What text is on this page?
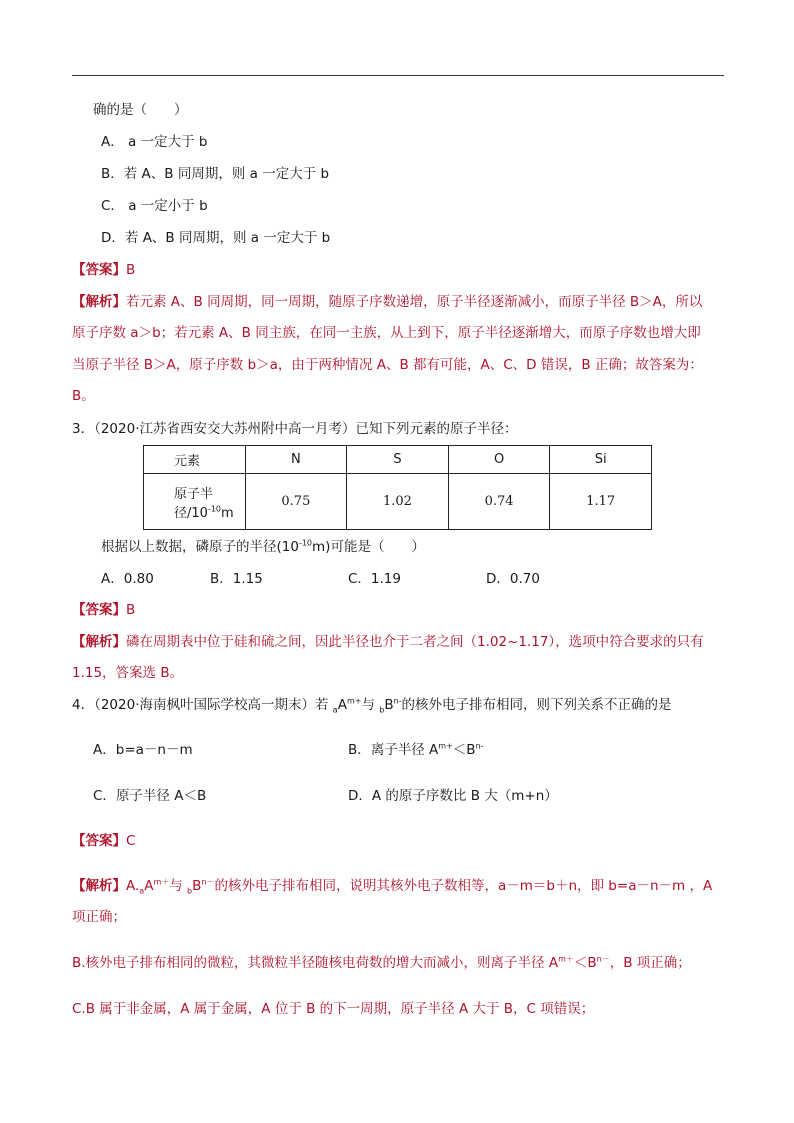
确的是（　　）
A． a 一定大于 b
B．若 A、B 同周期，则 a 一定大于 b
C． a 一定小于 b
D．若 A、B 同周期，则 a 一定大于 b
【答案】B
【解析】若元素 A、B 同周期，同一周期，随原子序数递增，原子半径逐渐减小，而原子半径 B＞A，所以
原子序数 a＞b；若元素 A、B 同主族，在同一主族，从上到下，原子半径逐渐增大，而原子序数也增大即
当原子半径 B＞A，原子序数 b＞a，由于两种情况 A、B 都有可能，A、C、D 错误，B 正确；故答案为：
B。
3．（2020·江苏省西安交大苏州附中高一月考）已知下列元素的原子半径：
元素	N	S	O	Si
原子半径$/10^{-10}m$	0.75	1.02	0.74	1.17
根据以上数据，磷原子的半径$(10^{-10}m)$可能是（　　）
A．0.80	B．1.15	C．1.19	D．0.70
【答案】B
【解析】磷在周期表中位于硅和硫之间，因此半径也介于二者之间（1.02~1.17），选项中符合要求的只有
1.15，答案选 B。
4．（2020·海南枫叶国际学校高一期末）若 $_aA^{m+}$与 $_bB^{n-}$的核外电子排布相同，则下列关系不正确的是
A．b=a－n－m	B．离子半径 $A^{m+}<B^{n-}$
C．原子半径 A＜B	D．A 的原子序数比 B 大（m+n）
【答案】C
【解析】$A._aA^{m+}$与 $_bB^{n-}$的核外电子排布相同，说明其核外电子数相等，a－m＝b＋n，即 b=a－n－m ，A
项正确；
B.核外电子排布相同的微粒，其微粒半径随核电荷数的增大而减小，则离子半径 $A^{m+}<B^{n-}$，B 项正确；
C.B 属于非金属，A 属于金属，A 位于 B 的下一周期，原子半径 A 大于 B，C 项错误；
